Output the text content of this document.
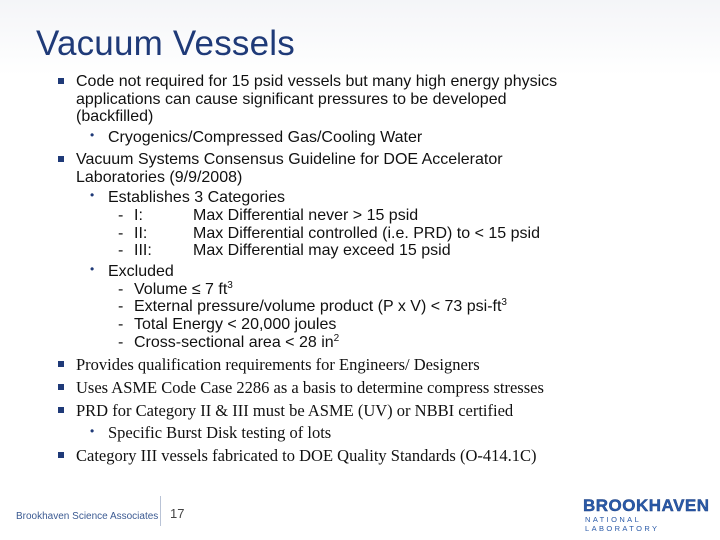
Vacuum Vessels
Code not required for 15 psid vessels but many high energy physics
applications can cause significant pressures to be developed
(backfilled)
• Cryogenics/Compressed Gas/Cooling Water
Vacuum Systems Consensus Guideline for DOE Accelerator
Laboratories (9/9/2008)
• Establishes 3 Categories
- I:	Max Differential never > 15 psid
- II:	Max Differential controlled (i.e. PRD) to < 15 psid
- III:	Max Differential may exceed 15 psid
• Excluded
- Volume ≤ 7 $ft^3$
- External pressure/volume product (P x V) < 73 psi-$ft^3$
- Total Energy < 20,000 joules
- Cross-sectional area < 28 $in^2$
Provides qualification requirements for Engineers/ Designers
Uses ASME Code Case 2286 as a basis to determine compress stresses
PRD for Category II & III must be ASME (UV) or NBBI certified
• Specific Burst Disk testing of lots
Category III vessels fabricated to DOE Quality Standards (O-414.1C)
Brookhaven Science Associates 17	BROOKHAVEN
NATIONAL LABORATORY
